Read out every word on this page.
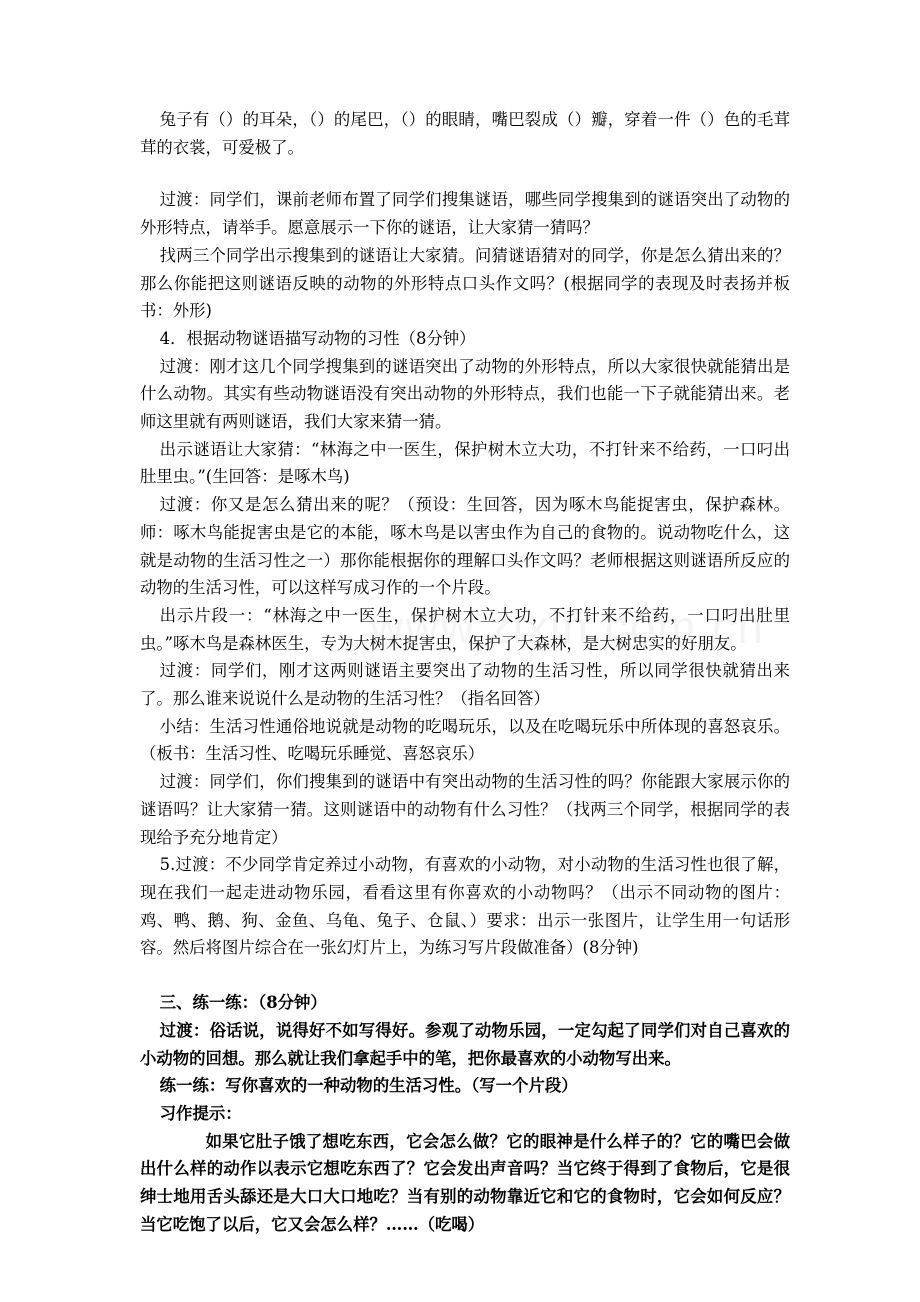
兔子有（）的耳朵，（）的尾巴，（）的眼睛，嘴巴裂成（）瓣，穿着一件（）色的毛茸茸的衣裳，可爱极了。

过渡：同学们，课前老师布置了同学们搜集谜语，哪些同学搜集到的谜语突出了动物的外形特点，请举手。愿意展示一下你的谜语，让大家猜一猜吗？

找两三个同学出示搜集到的谜语让大家猜。问猜谜语猜对的同学，你是怎么猜出来的？那么你能把这则谜语反映的动物的外形特点口头作文吗？(根据同学的表现及时表扬并板书：外形)

4．根据动物谜语描写动物的习性（8分钟）

过渡：刚才这几个同学搜集到的谜语突出了动物的外形特点，所以大家很快就能猜出是什么动物。其实有些动物谜语没有突出动物的外形特点，我们也能一下子就能猜出来。老师这里就有两则谜语，我们大家来猜一猜。

出示谜语让大家猜：“林海之中一医生，保护树木立大功，不打针来不给药，一口叼出肚里虫。”(生回答：是啄木鸟)

过渡：你又是怎么猜出来的呢？（预设：生回答，因为啄木鸟能捉害虫，保护森林。师：啄木鸟能捉害虫是它的本能，啄木鸟是以害虫作为自己的食物的。说动物吃什么，这就是动物的生活习性之一）那你能根据你的理解口头作文吗？老师根据这则谜语所反应的动物的生活习性，可以这样写成习作的一个片段。

出示片段一：“林海之中一医生，保护树木立大功，不打针来不给药，一口叼出肚里虫。”啄木鸟是森林医生，专为大树木捉害虫，保护了大森林，是大树忠实的好朋友。

过渡：同学们，刚才这两则谜语主要突出了动物的生活习性，所以同学很快就猜出来了。那么谁来说说什么是动物的生活习性？（指名回答）

小结：生活习性通俗地说就是动物的吃喝玩乐，以及在吃喝玩乐中所体现的喜怒哀乐。（板书：生活习性、吃喝玩乐睡觉、喜怒哀乐）

过渡：同学们，你们搜集到的谜语中有突出动物的生活习性的吗？你能跟大家展示你的谜语吗？让大家猜一猜。这则谜语中的动物有什么习性？（找两三个同学，根据同学的表现给予充分地肯定）

5.过渡：不少同学肯定养过小动物，有喜欢的小动物，对小动物的生活习性也很了解，现在我们一起走进动物乐园，看看这里有你喜欢的小动物吗？（出示不同动物的图片：鸡、鸭、鹅、狗、金鱼、乌龟、兔子、仓鼠、）要求：出示一张图片，让学生用一句话形容。然后将图片综合在一张幻灯片上，为练习写片段做准备）(8分钟)

三、练一练：（8分钟）

过渡：俗话说，说得好不如写得好。参观了动物乐园，一定勾起了同学们对自己喜欢的小动物的回想。那么就让我们拿起手中的笔，把你最喜欢的小动物写出来。

练一练：写你喜欢的一种动物的生活习性。（写一个片段）

习作提示：

如果它肚子饿了想吃东西，它会怎么做？它的眼神是什么样子的？它的嘴巴会做出什么样的动作以表示它想吃东西了？它会发出声音吗？当它终于得到了食物后，它是很绅士地用舌头舔还是大口大口地吃？当有别的动物靠近它和它的食物时，它会如何反应？当它吃饱了以后，它又会怎么样？……（吃喝）
